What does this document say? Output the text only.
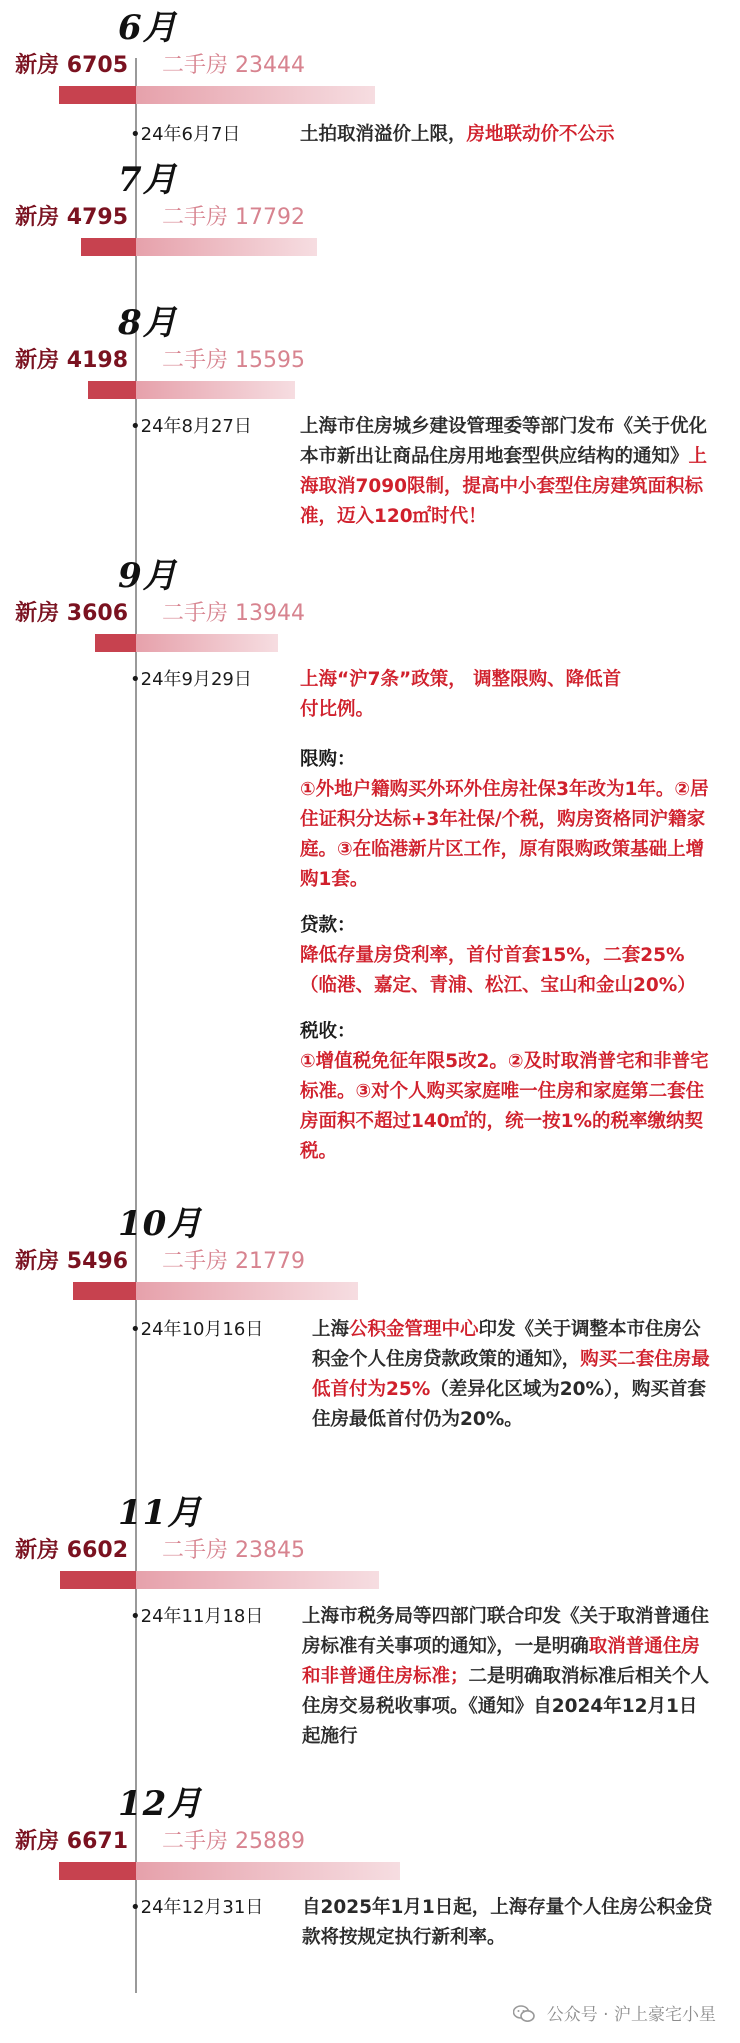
6月
新房 6705 二手房 23444
•24年6月7日	土拍取消溢价上限，房地联动价不公示
7月
新房 4795 二手房 17792
8月
新房 4198 二手房 15595
•24年8月27日	上海市住房城乡建设管理委等部门发布《关于优化本市新出让商品住房用地套型供应结构的通知》上海取消7090限制，提高中小套型住房建筑面积标准，迈入120㎡时代！
9月
新房 3606 二手房 13944
•24年9月29日	上海“沪7条”政策， 调整限购、降低首付比例。

限购：
①外地户籍购买外环外住房社保3年改为1年。②居住证积分达标+3年社保/个税，购房资格同沪籍家庭。③在临港新片区工作，原有限购政策基础上增购1套。

贷款：
降低存量房贷利率，首付首套15%，二套25%（临港、嘉定、青浦、松江、宝山和金山20%）

税收：
①增值税免征年限5改2。②及时取消普宅和非普宅标准。③对个人购买家庭唯一住房和家庭第二套住房面积不超过140㎡的，统一按1%的税率缴纳契税。

10月
新房 5496 二手房 21779
•24年10月16日	上海公积金管理中心印发《关于调整本市住房公积金个人住房贷款政策的通知》，购买二套住房最低首付为25%（差异化区域为20%），购买首套住房最低首付仍为20%。
11月
新房 6602 二手房 23845
•24年11月18日 上海市税务局等四部门联合印发《关于取消普通住房标准有关事项的通知》，一是明确取消普通住房和非普通住房标准；二是明确取消标准后相关个人住房交易税收事项。《通知》自2024年12月1日起施行
12月
新房 6671 二手房 25889
•24年12月31日 自2025年1月1日起，上海存量个人住房公积金贷款将按规定执行新利率。
公众号 · 沪上豪宅小星
